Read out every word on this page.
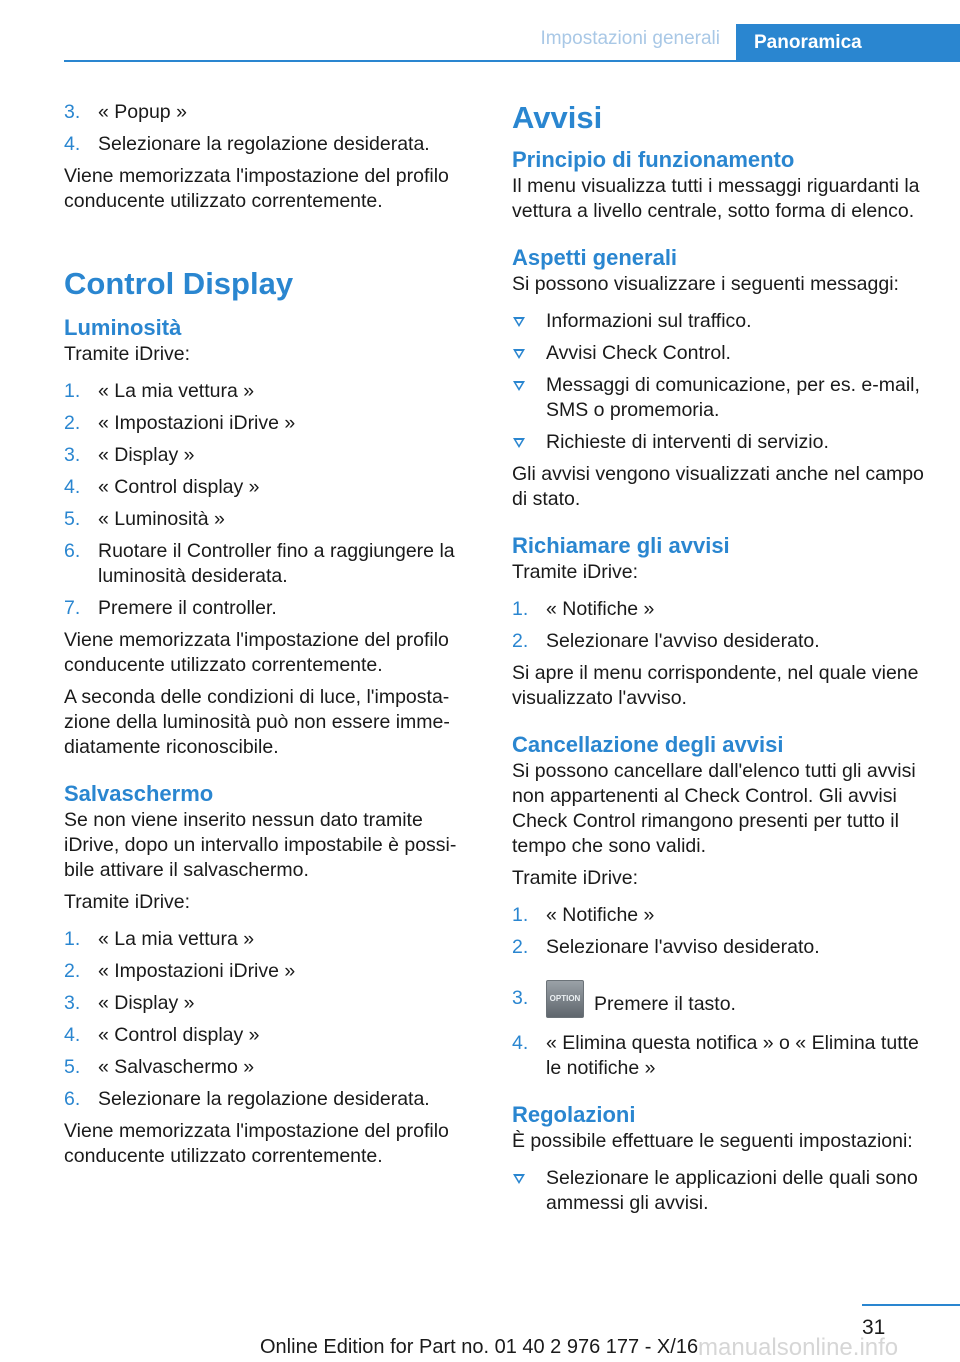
Impostazioni generali	Panoramica
3. « Popup »
4. Selezionare la regolazione desiderata.

Viene memorizzata l'impostazione del profilo conducente utilizzato correntemente.

Control Display
Luminosità

Tramite iDrive:

1. « La mia vettura »
2. « Impostazioni iDrive »
3. « Display »
4. « Control display »
5. « Luminosità »
6. Ruotare il Controller fino a raggiungere la luminosità desiderata.
7. Premere il controller.

Viene memorizzata l'impostazione del profilo conducente utilizzato correntemente.

A seconda delle condizioni di luce, l'imposta‐ zione della luminosità può non essere imme‐ diatamente riconoscibile.

Salvaschermo

Se non viene inserito nessun dato tramite iDrive, dopo un intervallo impostabile è possi‐ bile attivare il salvaschermo.

Tramite iDrive:

1. « La mia vettura »
2. « Impostazioni iDrive »
3. « Display »
4. « Control display »
5. « Salvaschermo »
6. Selezionare la regolazione desiderata.

Viene memorizzata l'impostazione del profilo conducente utilizzato correntemente.

Avvisi
Principio di funzionamento

Il menu visualizza tutti i messaggi riguardanti la vettura a livello centrale, sotto forma di elenco.

Aspetti generali

Si possono visualizzare i seguenti messaggi:

Informazioni sul traffico.
Avvisi Check Control.
Messaggi di comunicazione, per es. e-mail, SMS o promemoria.
Richieste di interventi di servizio.

Gli avvisi vengono visualizzati anche nel campo di stato.

Richiamare gli avvisi

Tramite iDrive:

1. « Notifiche »
2. Selezionare l'avviso desiderato.

Si apre il menu corrispondente, nel quale viene visualizzato l'avviso.

Cancellazione degli avvisi

Si possono cancellare dall'elenco tutti gli avvisi non appartenenti al Check Control. Gli avvisi Check Control rimangono presenti per tutto il tempo che sono validi.

Tramite iDrive:

1. « Notifiche »
2. Selezionare l'avviso desiderato.
3.	OPTION Premere il tasto.
4. « Elimina questa notifica » o « Elimina tutte le notifiche »
Regolazioni

È possibile effettuare le seguenti impostazioni:

Selezionare le applicazioni delle quali sono ammessi gli avvisi.
31
Online Edition for Part no. 01 40 2 976 177 - X/16 manualsonline.info
